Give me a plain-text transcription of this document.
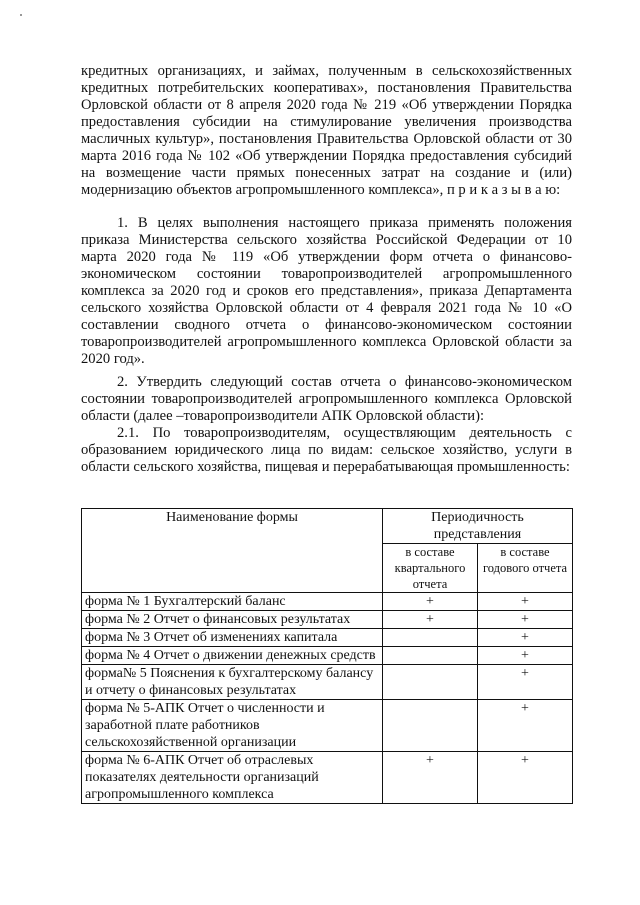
кредитных организациях, и займах, полученным в сельскохозяйственных кредитных потребительских кооперативах», постановления Правительства Орловской области от 8 апреля 2020 года № 219 «Об утверждении Порядка предоставления субсидии на стимулирование увеличения производства масличных культур», постановления Правительства Орловской области от 30 марта 2016 года № 102 «Об утверждении Порядка предоставления субсидий на возмещение части прямых понесенных затрат на создание и (или) модернизацию объектов агропромышленного комплекса», п р и к а з ы в а ю:

1. В целях выполнения настоящего приказа применять положения приказа Министерства сельского хозяйства Российской Федерации от 10 марта 2020 года № 119 «Об утверждении форм отчета о финансово-экономическом состоянии товаропроизводителей агропромышленного комплекса за 2020 год и сроков его представления», приказа Департамента сельского хозяйства Орловской области от 4 февраля 2021 года № 10 «О составлении сводного отчета о финансово-экономическом состоянии товаропроизводителей агропромышленного комплекса Орловской области за 2020 год».

2. Утвердить следующий состав отчета о финансово-экономическом состоянии товаропроизводителей агропромышленного комплекса Орловской области (далее –товаропроизводители АПК Орловской области):

2.1. По товаропроизводителям, осуществляющим деятельность с образованием юридического лица по видам: сельское хозяйство, услуги в области сельского хозяйства, пищевая и перерабатывающая промышленность:

Наименование формы	Периодичность представления	
	в составе квартального отчета	в составе годового отчета
форма № 1 Бухгалтерский баланс	+	+
форма № 2 Отчет о финансовых результатах	+	+
форма № 3 Отчет об изменениях капитала		+
форма № 4 Отчет о движении денежных средств		+
форма№ 5 Пояснения к бухгалтерскому балансу и отчету о финансовых результатах		+
форма № 5-АПК Отчет о численности и заработной плате работников сельскохозяйственной организации		+
форма № 6-АПК Отчет об отраслевых показателях деятельности организаций агропромышленного комплекса	+	+
